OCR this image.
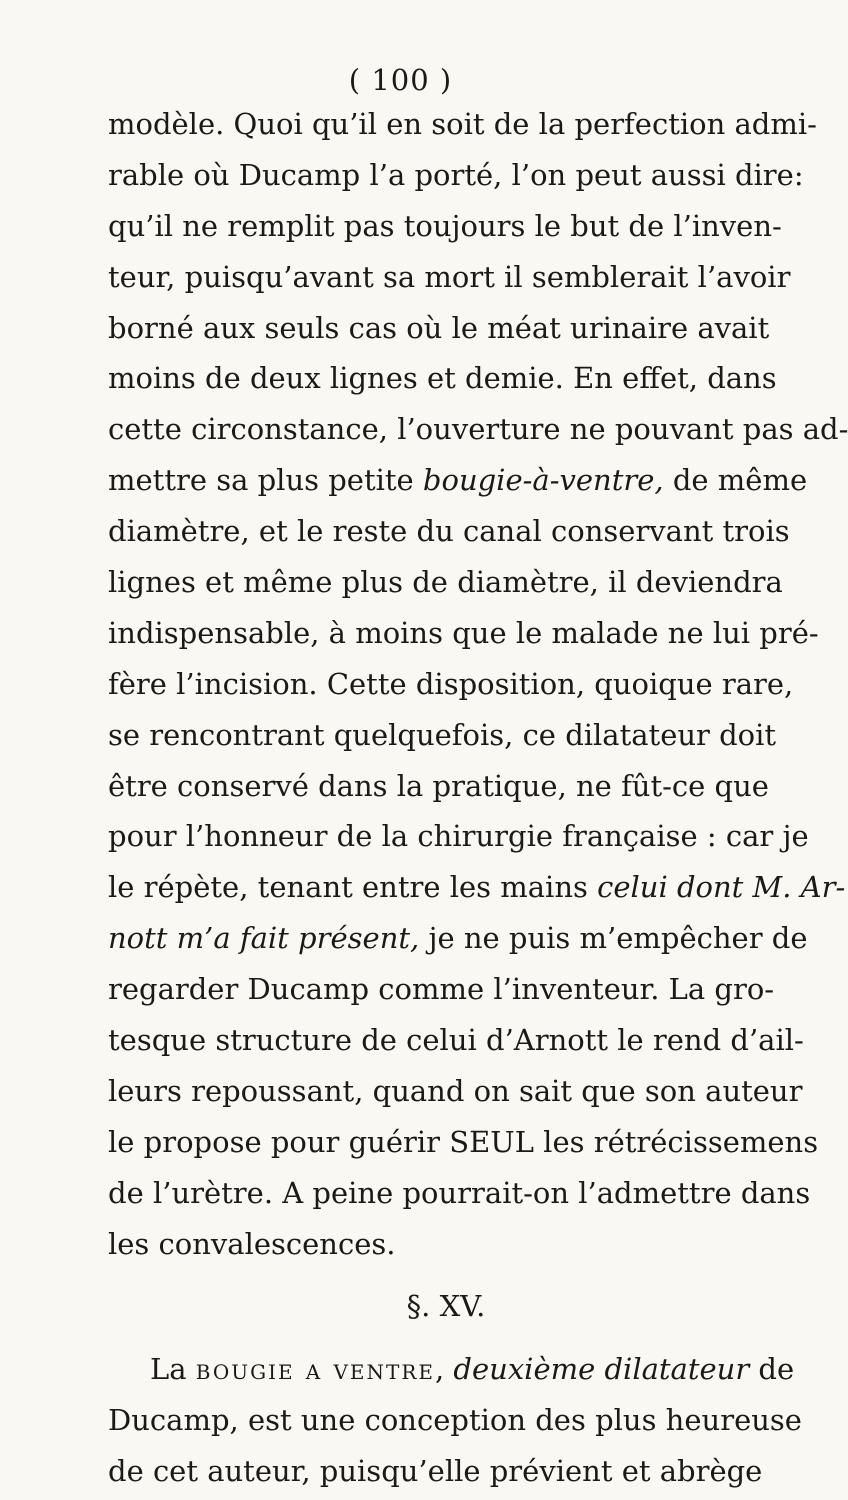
( 100 )
modèle. Quoi qu’il en soit de la perfection admi-
rable où Ducamp l’a porté, l’on peut aussi dire:
qu’il ne remplit pas toujours le but de l’inven-
teur, puisqu’avant sa mort il semblerait l’avoir
borné aux seuls cas où le méat urinaire avait
moins de deux lignes et demie. En effet, dans
cette circonstance, l’ouverture ne pouvant pas ad-
mettre sa plus petite bougie-à-ventre, de même
diamètre, et le reste du canal conservant trois
lignes et même plus de diamètre, il deviendra
indispensable, à moins que le malade ne lui pré-
fère l’incision. Cette disposition, quoique rare,
se rencontrant quelquefois, ce dilatateur doit
être conservé dans la pratique, ne fût-ce que
pour l’honneur de la chirurgie française : car je
le répète, tenant entre les mains celui dont M. Ar-
nott m’a fait présent, je ne puis m’empêcher de
regarder Ducamp comme l’inventeur. La gro-
tesque structure de celui d’Arnott le rend d’ail-
leurs repoussant, quand on sait que son auteur
le propose pour guérir SEUL les rétrécissemens
de l’urètre. A peine pourrait-on l’admettre dans
les convalescences.
§. XV.
La bougie a ventre, deuxième dilatateur de
Ducamp, est une conception des plus heureuse
de cet auteur, puisqu’elle prévient et abrège
